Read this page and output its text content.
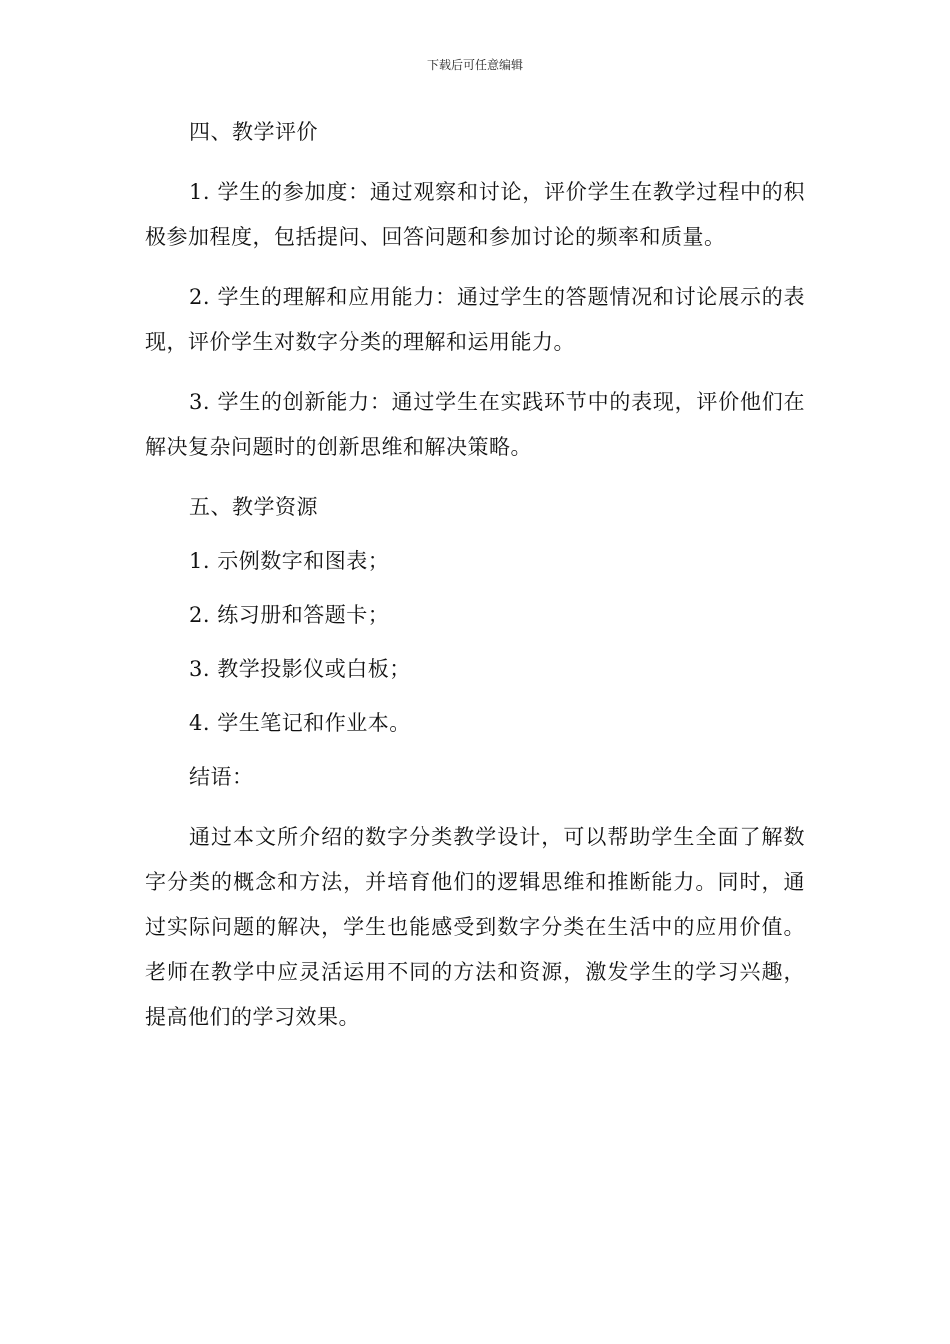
下载后可任意编辑

四、教学评价

1. 学生的参加度：通过观察和讨论，评价学生在教学过程中的积极参加程度，包括提问、回答问题和参加讨论的频率和质量。

2. 学生的理解和应用能力：通过学生的答题情况和讨论展示的表现，评价学生对数字分类的理解和运用能力。

3. 学生的创新能力：通过学生在实践环节中的表现，评价他们在解决复杂问题时的创新思维和解决策略。

五、教学资源

1. 示例数字和图表；

2. 练习册和答题卡；

3. 教学投影仪或白板；

4. 学生笔记和作业本。

结语：

通过本文所介绍的数字分类教学设计，可以帮助学生全面了解数字分类的概念和方法，并培育他们的逻辑思维和推断能力。同时，通过实际问题的解决，学生也能感受到数字分类在生活中的应用价值。老师在教学中应灵活运用不同的方法和资源，激发学生的学习兴趣，提高他们的学习效果。
